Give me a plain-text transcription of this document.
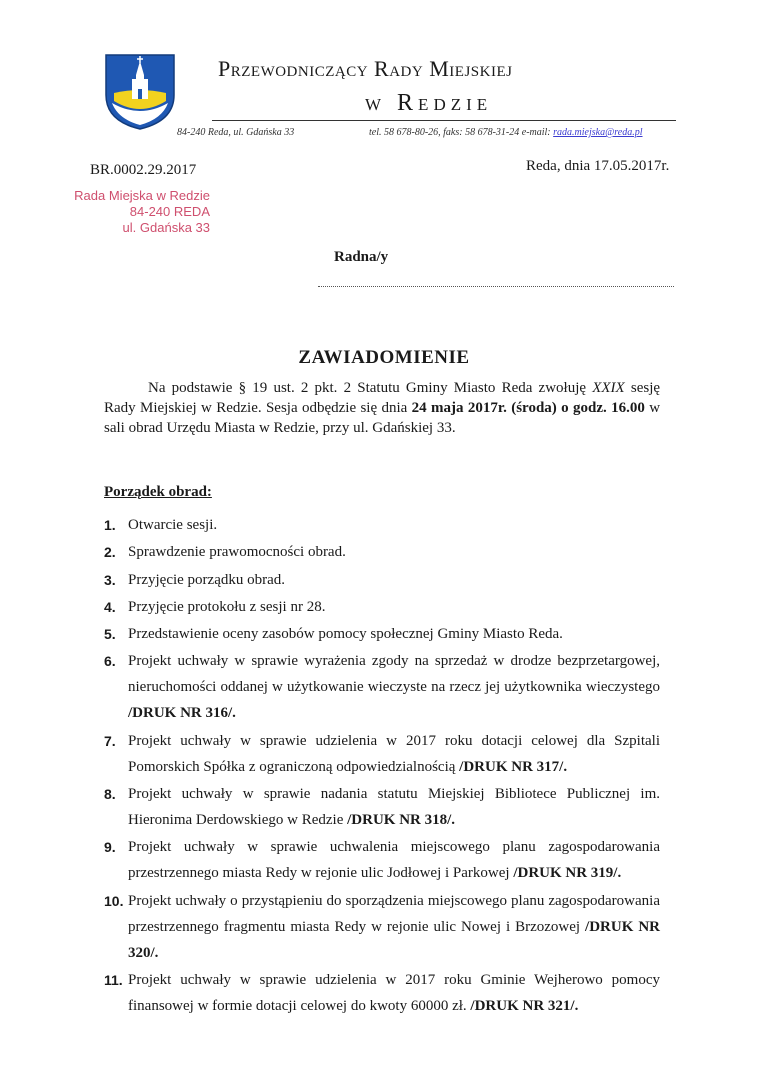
Przewodniczący Rady Miejskiej
w Redzie
84-240 Reda, ul. Gdańska 33	tel. 58 678-80-26, faks: 58 678-31-24 e-mail: rada.miejska@reda.pl
BR.0002.29.2017	Reda, dnia 17.05.2017r.
Rada Miejska w Redzie
84-240 REDA
ul. Gdańska 33
Radna/y
ZAWIADOMIENIE
Na podstawie § 19 ust. 2 pkt. 2 Statutu Gminy Miasto Reda zwołuję XXIX sesję Rady Miejskiej w Redzie. Sesja odbędzie się dnia 24 maja 2017r. (środa) o godz. 16.00 w sali obrad Urzędu Miasta w Redzie, przy ul. Gdańskiej 33.
Porządek obrad:
1. Otwarcie sesji.
2. Sprawdzenie prawomocności obrad.
3. Przyjęcie porządku obrad.
4. Przyjęcie protokołu z sesji nr 28.
5. Przedstawienie oceny zasobów pomocy społecznej Gminy Miasto Reda.
6. Projekt uchwały w sprawie wyrażenia zgody na sprzedaż w drodze bezprzetargowej, nieruchomości oddanej w użytkowanie wieczyste na rzecz jej użytkownika wieczystego /DRUK NR 316/.
7. Projekt uchwały w sprawie udzielenia w 2017 roku dotacji celowej dla Szpitali Pomorskich Spółka z ograniczoną odpowiedzialnością /DRUK NR 317/.
8. Projekt uchwały w sprawie nadania statutu Miejskiej Bibliotece Publicznej im. Hieronima Derdowskiego w Redzie /DRUK NR 318/.
9. Projekt uchwały w sprawie uchwalenia miejscowego planu zagospodarowania przestrzennego miasta Redy w rejonie ulic Jodłowej i Parkowej /DRUK NR 319/.
10. Projekt uchwały o przystąpieniu do sporządzenia miejscowego planu zagospodarowania przestrzennego fragmentu miasta Redy w rejonie ulic Nowej i Brzozowej /DRUK NR 320/.
11. Projekt uchwały w sprawie udzielenia w 2017 roku Gminie Wejherowo pomocy finansowej w formie dotacji celowej do kwoty 60000 zł. /DRUK NR 321/.
